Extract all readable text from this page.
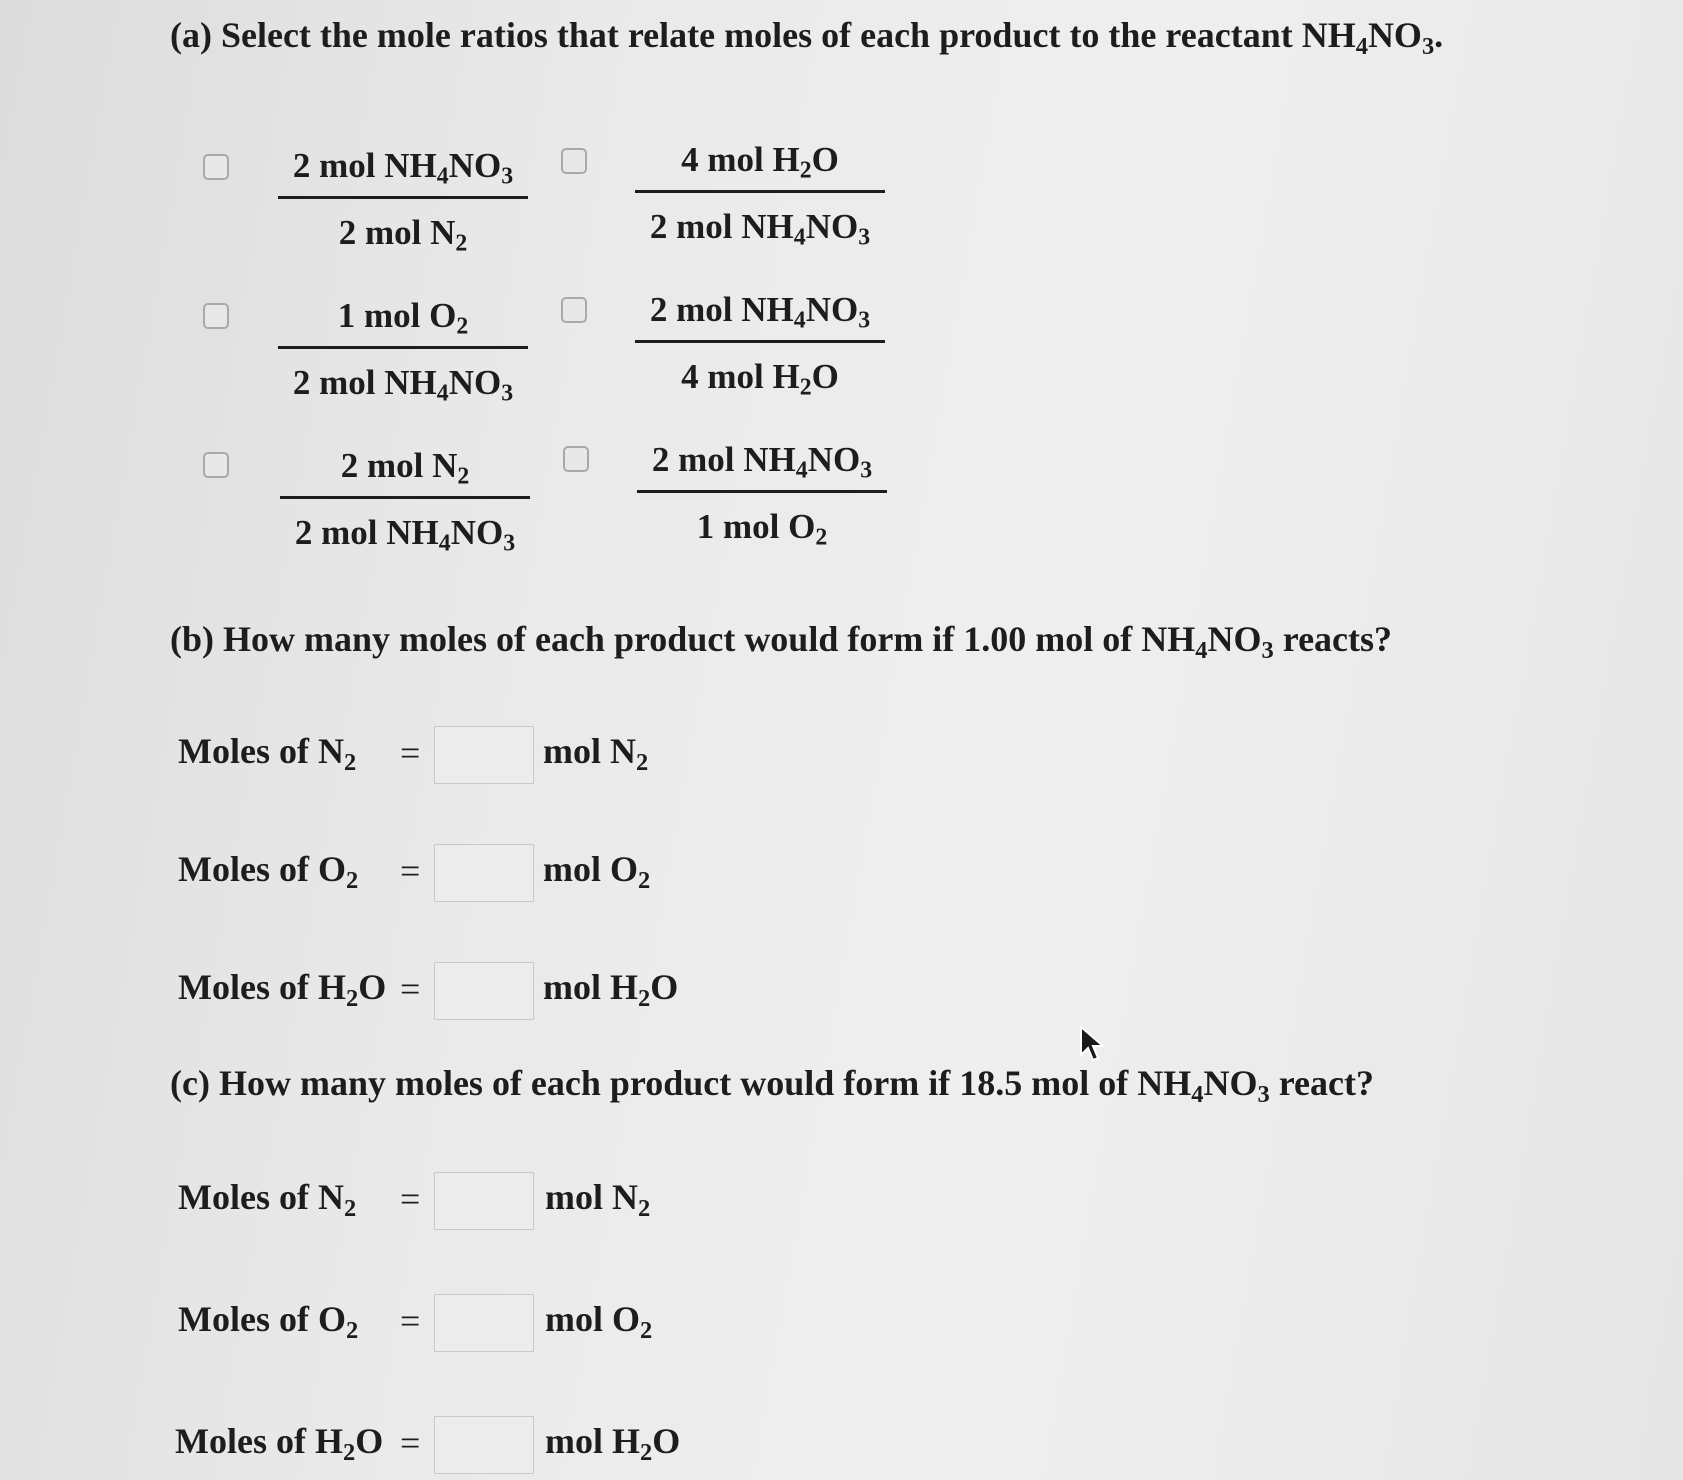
(a) Select the mole ratios that relate moles of each product to the reactant $NH_4NO_3$.
2 mol $NH_4NO_3$
2 mol $N_2$
4 mol $H_2O$
2 mol $NH_4NO_3$
1 mol $O_2$
2 mol $NH_4NO_3$
2 mol $NH_4NO_3$
4 mol $H_2O$
2 mol $N_2$
2 mol $NH_4NO_3$
2 mol $NH_4NO_3$
1 mol $O_2$
(b) How many moles of each product would form if 1.00 mol of $NH_4NO_3$ reacts?
Moles of $N_2$ =	mol $N_2$
Moles of $O_2$ =	mol $O_2$
Moles of $H_2O$ =	mol $H_2O$
(c) How many moles of each product would form if 18.5 mol of $NH_4NO_3$ react?
Moles of $N_2$ =	mol $N_2$
Moles of $O_2$ =	mol $O_2$
Moles of $H_2O$ =	mol $H_2O$
